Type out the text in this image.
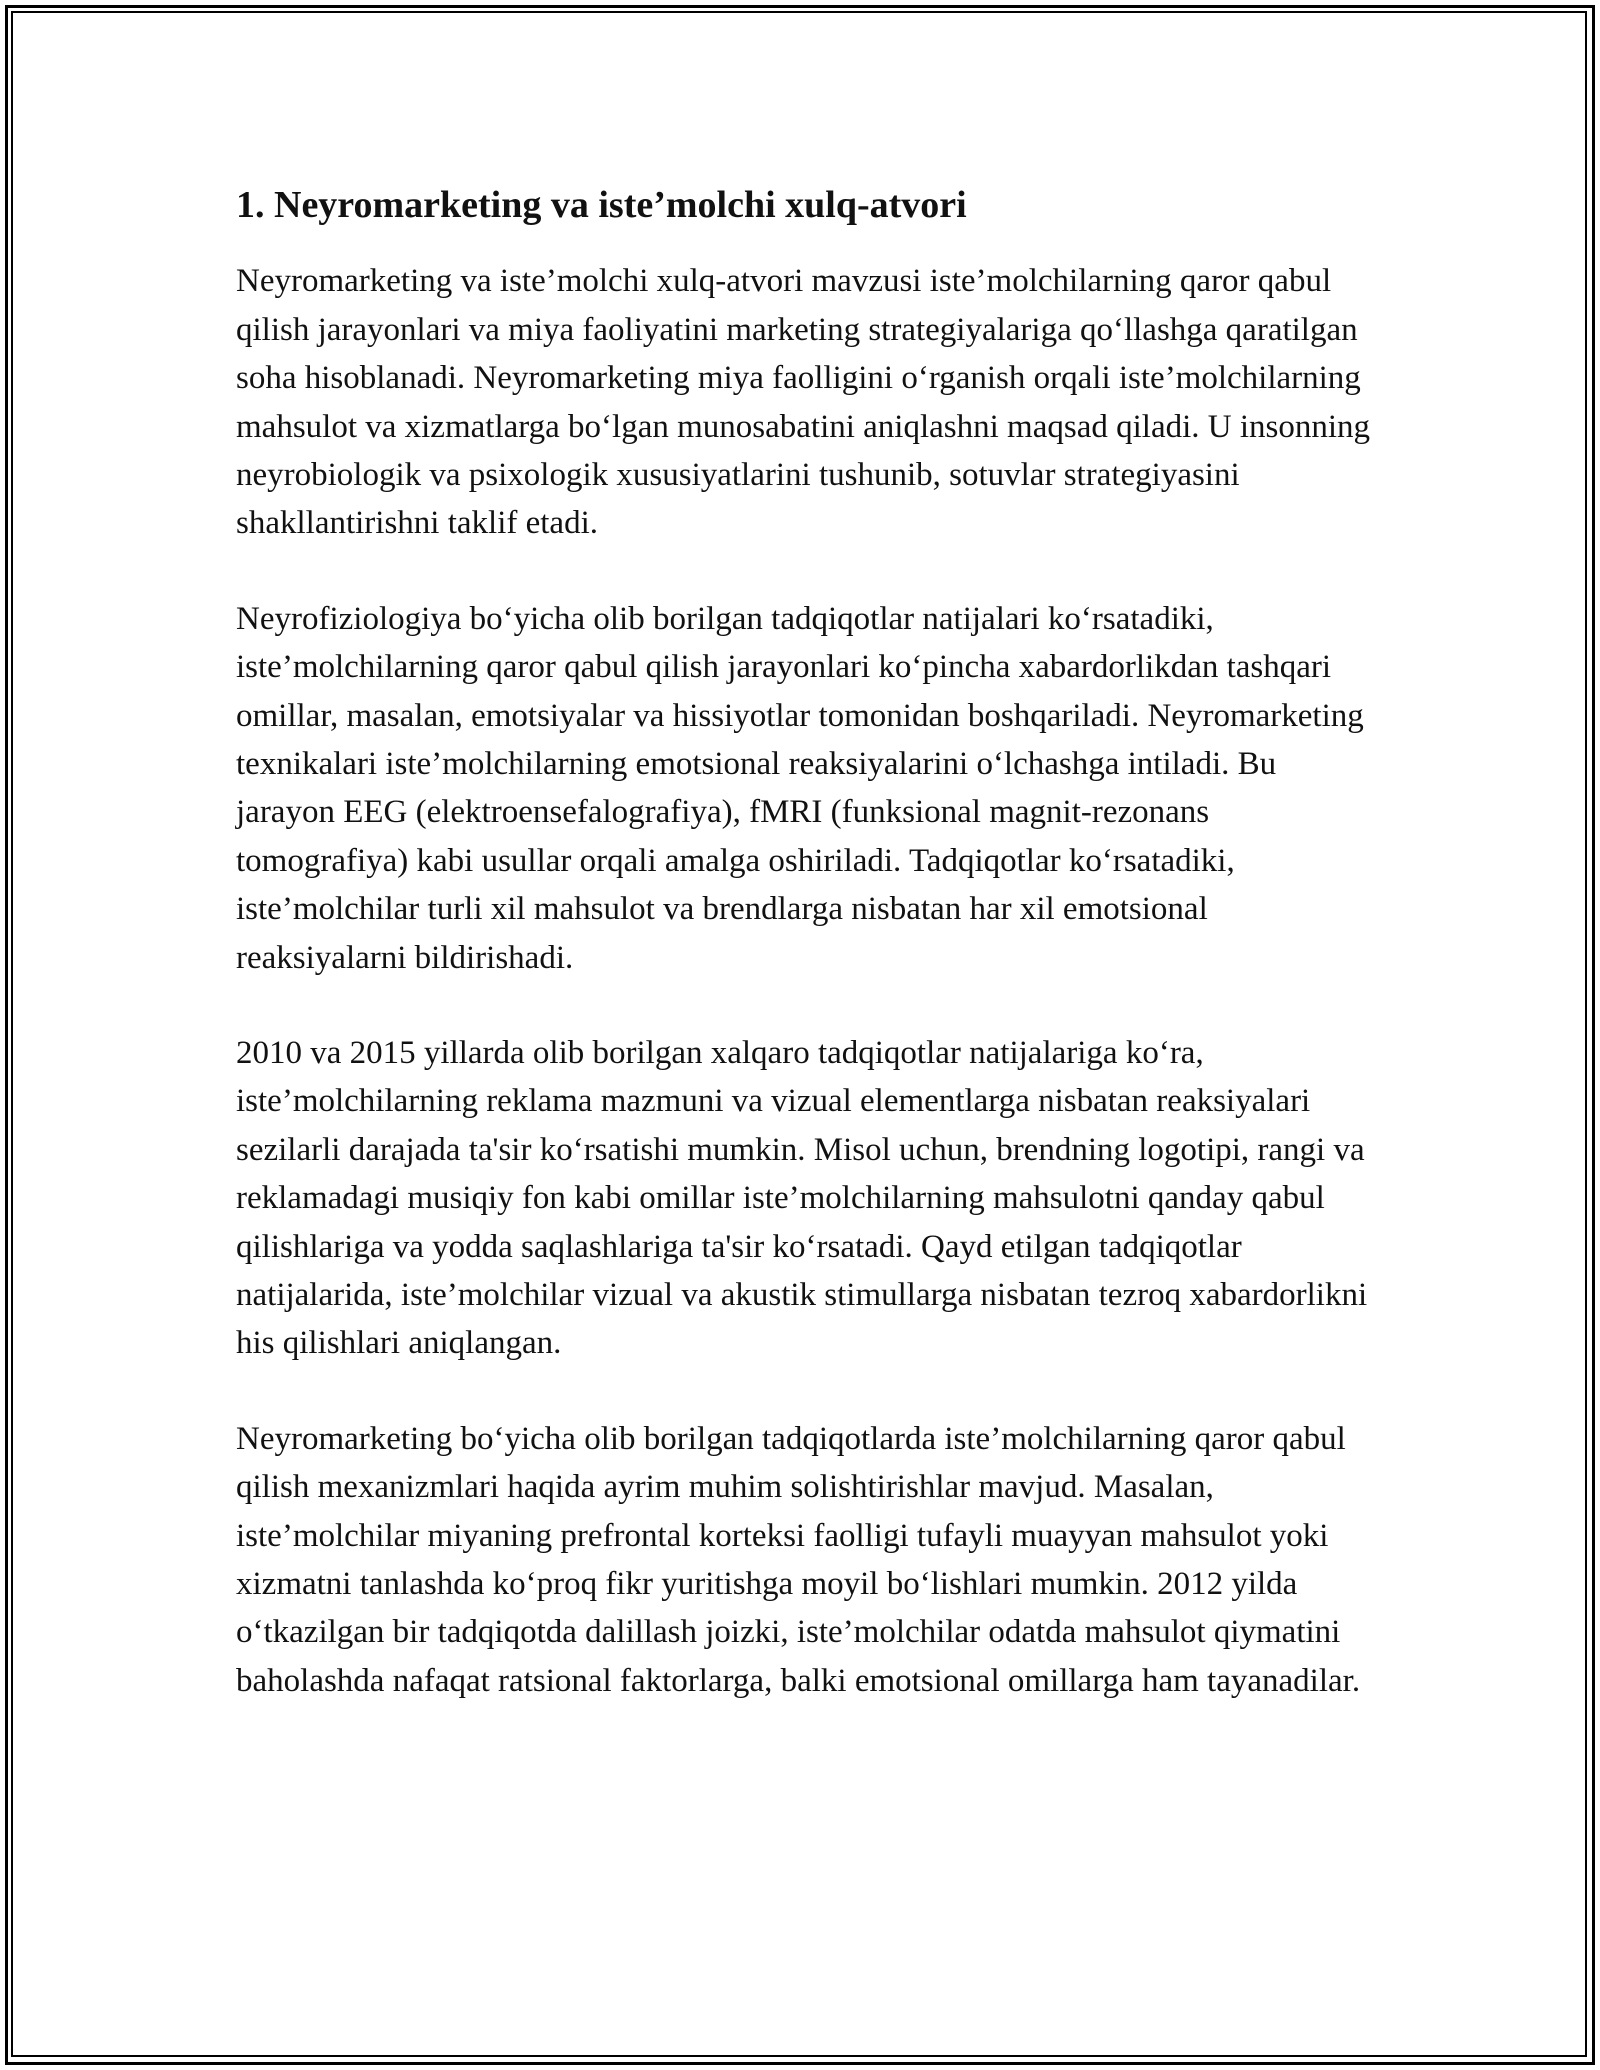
1. Neyromarketing va iste’molchi xulq-atvori

Neyromarketing va iste’molchi xulq-atvori mavzusi iste’molchilarning qaror qabul qilish jarayonlari va miya faoliyatini marketing strategiyalariga qo‘llashga qaratilgan soha hisoblanadi. Neyromarketing miya faolligini o‘rganish orqali iste’molchilarning mahsulot va xizmatlarga bo‘lgan munosabatini aniqlashni maqsad qiladi. U insonning neyrobiologik va psixologik xususiyatlarini tushunib, sotuvlar strategiyasini shakllantirishni taklif etadi.

Neyrofiziologiya bo‘yicha olib borilgan tadqiqotlar natijalari ko‘rsatadiki, iste’molchilarning qaror qabul qilish jarayonlari ko‘pincha xabardorlikdan tashqari omillar, masalan, emotsiyalar va hissiyotlar tomonidan boshqariladi. Neyromarketing texnikalari iste’molchilarning emotsional reaksiyalarini o‘lchashga intiladi. Bu jarayon EEG (elektroensefalografiya), fMRI (funksional magnit-rezonans tomografiya) kabi usullar orqali amalga oshiriladi. Tadqiqotlar ko‘rsatadiki, iste’molchilar turli xil mahsulot va brendlarga nisbatan har xil emotsional reaksiyalarni bildirishadi.

2010 va 2015 yillarda olib borilgan xalqaro tadqiqotlar natijalariga ko‘ra, iste’molchilarning reklama mazmuni va vizual elementlarga nisbatan reaksiyalari sezilarli darajada ta'sir ko‘rsatishi mumkin. Misol uchun, brendning logotipi, rangi va reklamadagi musiqiy fon kabi omillar iste’molchilarning mahsulotni qanday qabul qilishlariga va yodda saqlashlariga ta'sir ko‘rsatadi. Qayd etilgan tadqiqotlar natijalarida, iste’molchilar vizual va akustik stimullarga nisbatan tezroq xabardorlikni his qilishlari aniqlangan.

Neyromarketing bo‘yicha olib borilgan tadqiqotlarda iste’molchilarning qaror qabul qilish mexanizmlari haqida ayrim muhim solishtirishlar mavjud. Masalan, iste’molchilar miyaning prefrontal korteksi faolligi tufayli muayyan mahsulot yoki xizmatni tanlashda ko‘proq fikr yuritishga moyil bo‘lishlari mumkin. 2012 yilda o‘tkazilgan bir tadqiqotda dalillash joizki, iste’molchilar odatda mahsulot qiymatini baholashda nafaqat ratsional faktorlarga, balki emotsional omillarga ham tayanadilar.
